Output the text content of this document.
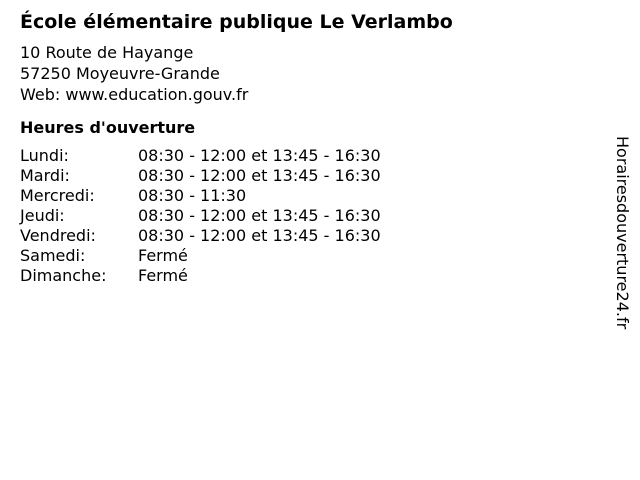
École élémentaire publique Le Verlambo
10 Route de Hayange
57250 Moyeuvre-Grande
Web: www.education.gouv.fr
Heures d'ouverture
Lundi:	08:30 - 12:00 et 13:45 - 16:30
Mardi:	08:30 - 12:00 et 13:45 - 16:30
Mercredi:	08:30 - 11:30
Jeudi:	08:30 - 12:00 et 13:45 - 16:30
Vendredi:	08:30 - 12:00 et 13:45 - 16:30
Samedi:	Fermé
Dimanche:	Fermé	Horairesdouverture24.fr
